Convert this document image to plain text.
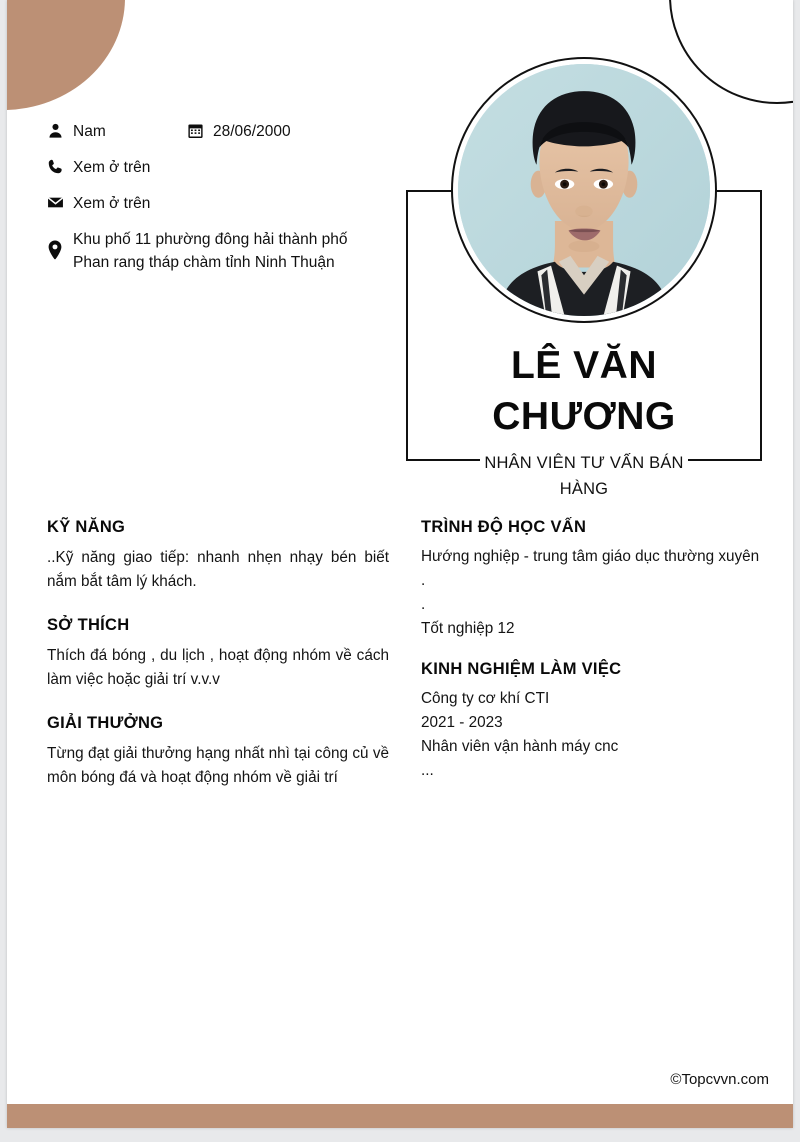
Nam	28/06/2000
Xem ở trên
Xem ở trên
Khu phố 11 phường đông hải thành phố
Phan rang tháp chàm tỉnh Ninh Thuận
LÊ VĂN
CHƯƠNG
NHÂN VIÊN TƯ VẤN BÁN
HÀNG
KỸ NĂNG

..Kỹ năng giao tiếp: nhanh nhẹn nhạy bén biết nắm bắt tâm lý khách.

SỞ THÍCH

Thích đá bóng , du lịch , hoạt động nhóm về cách làm việc hoặc giải trí v.v.v

GIẢI THƯỞNG

Từng đạt giải thưởng hạng nhất nhì tại công củ về môn bóng đá và hoạt động nhóm về giải trí

TRÌNH ĐỘ HỌC VẤN

Hướng nghiệp - trung tâm giáo dục thường xuyên

.

.

Tốt nghiệp 12

KINH NGHIỆM LÀM VIỆC

Công ty cơ khí CTI

2021 - 2023

Nhân viên vận hành máy cnc

...

©Topcvvn.com
